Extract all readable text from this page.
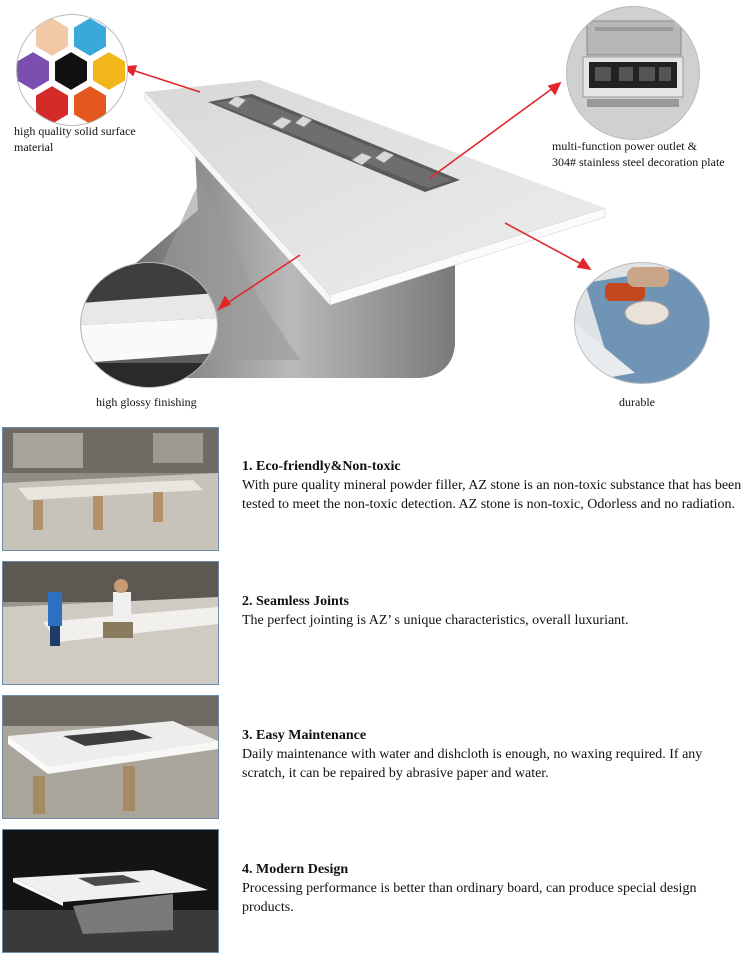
high quality solid surface material	multi-function power outlet &
304# stainless steel decoration plate
high glossy finishing	durable
1. Eco-friendly&Non-toxic
With pure quality mineral powder filler, AZ stone is an non-toxic substance that has been tested to meet the non-toxic detection. AZ stone is non-toxic, Odorless and no radiation.
2. Seamless Joints
The perfect jointing is AZ’ s unique characteristics, overall luxuriant.
3. Easy Maintenance
Daily maintenance with water and dishcloth is enough, no waxing required. If any scratch, it can be repaired by abrasive paper and water.
4. Modern Design
Processing performance is better than ordinary board, can produce special design products.
